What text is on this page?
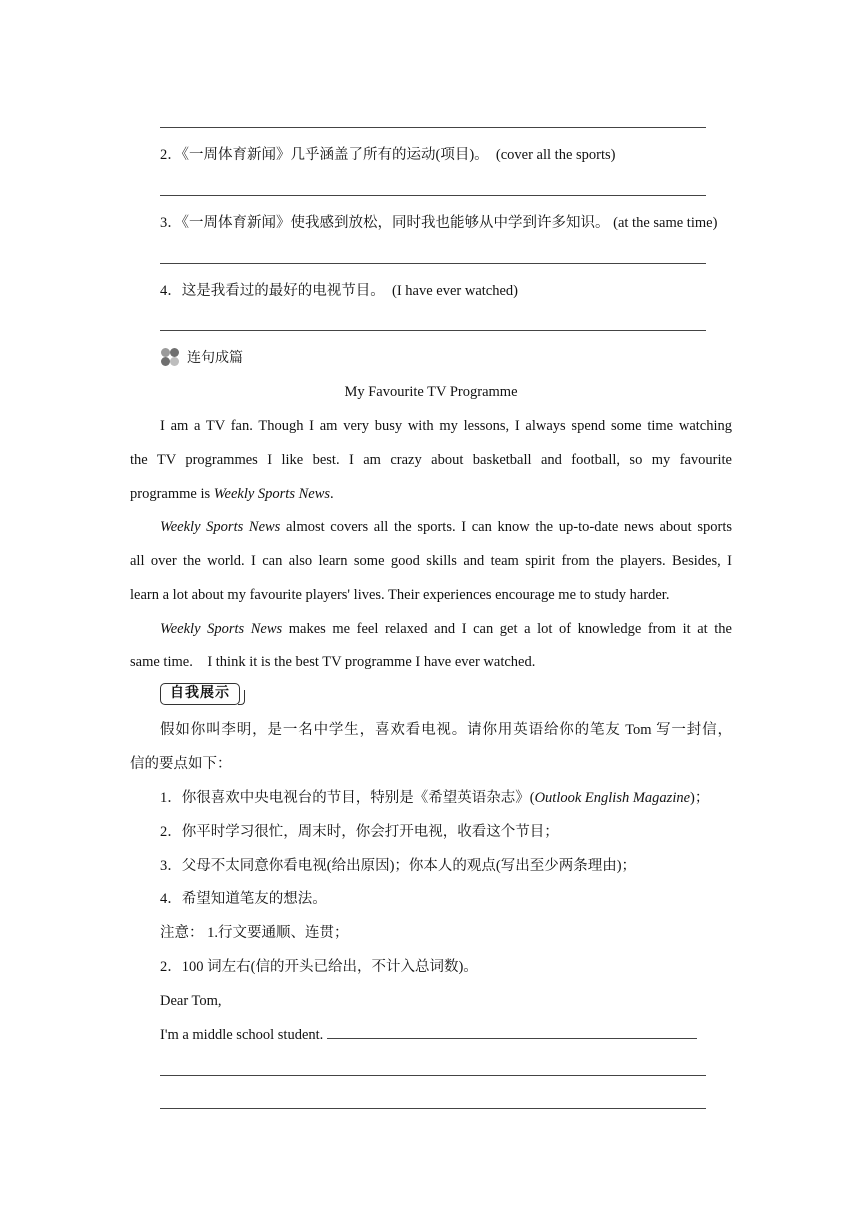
2．《一周体育新闻》几乎涵盖了所有的运动(项目)。 (cover all the sports)
3．《一周体育新闻》使我感到放松，同时我也能够从中学到许多知识。 (at the same time)
4．这是我看过的最好的电视节目。 (I have ever watched)
连句成篇
My Favourite TV Programme
I am a TV fan. Though I am very busy with my lessons, I always spend some time watching
the TV programmes I like best. I am crazy about basketball and football, so my favourite
programme is Weekly Sports News.
Weekly Sports News almost covers all the sports. I can know the up-to-date news about sports
all over the world. I can also learn some good skills and team spirit from the players. Besides, I
learn a lot about my favourite players' lives. Their experiences encourage me to study harder.
Weekly Sports News makes me feel relaxed and I can get a lot of knowledge from it at the
same time.　I think it is the best TV programme I have ever watched.
自我展示
假如你叫李明，是一名中学生，喜欢看电视。请你用英语给你的笔友 Tom 写一封信，
信的要点如下：
1．你很喜欢中央电视台的节目，特别是《希望英语杂志》(Outlook English Magazine)；
2．你平时学习很忙，周末时，你会打开电视，收看这个节目；
3．父母不太同意你看电视(给出原因)；你本人的观点(写出至少两条理由)；
4．希望知道笔友的想法。
注意： 1.行文要通顺、连贯；
2．100 词左右(信的开头已给出，不计入总词数)。
Dear Tom,
I'm a middle school student.
